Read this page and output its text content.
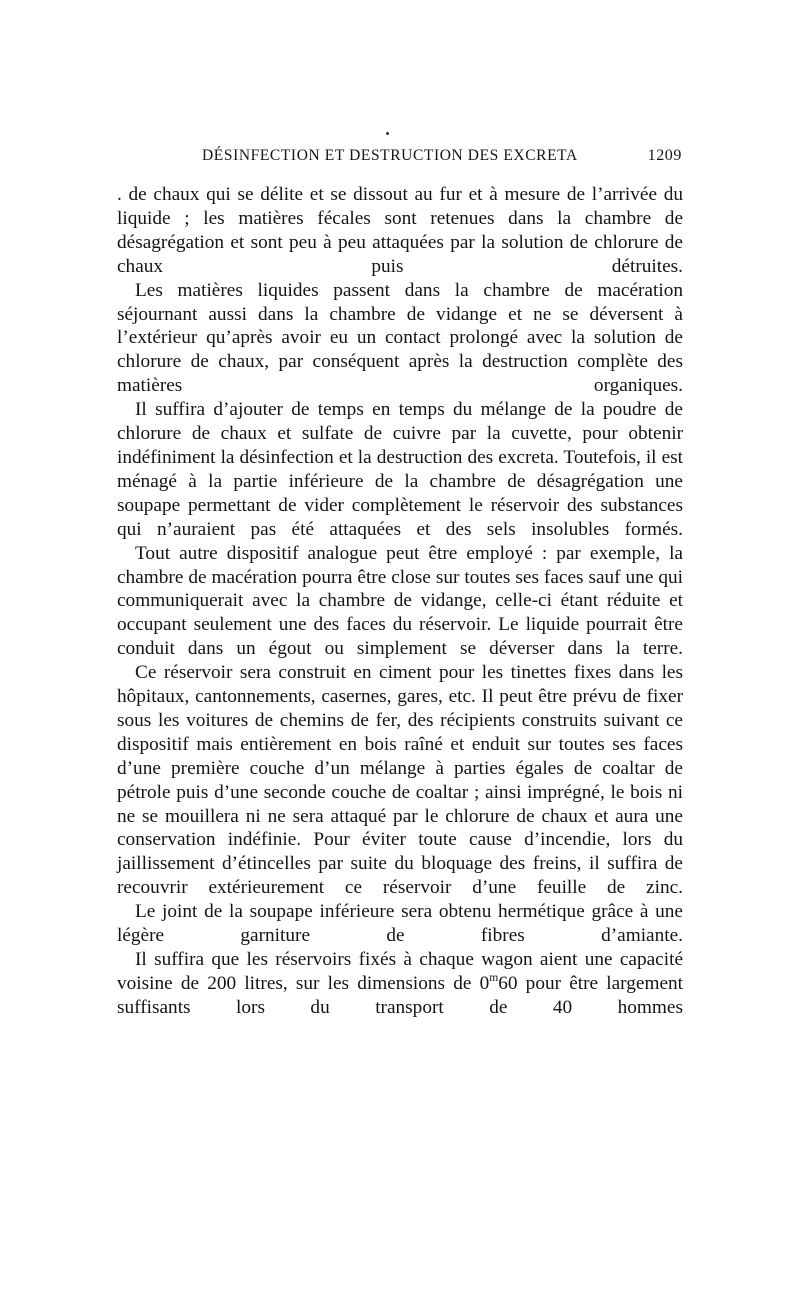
DÉSINFECTION ET DESTRUCTION DES EXCRETA	1209

. de chaux qui se délite et se dissout au fur et à mesure de l’arrivée du liquide ; les matières fécales sont retenues dans la chambre de désagrégation et sont peu à peu attaquées par la solution de chlorure de chaux puis détruites.

Les matières liquides passent dans la chambre de macération séjournant aussi dans la chambre de vidange et ne se déversent à l’extérieur qu’après avoir eu un contact prolongé avec la solution de chlorure de chaux, par conséquent après la destruction complète des matières organiques.

Il suffira d’ajouter de temps en temps du mélange de la poudre de chlorure de chaux et sulfate de cuivre par la cuvette, pour obtenir indéfiniment la désinfection et la destruction des excreta. Toutefois, il est ménagé à la partie inférieure de la chambre de désagrégation une soupape permettant de vider complètement le réservoir des substances qui n’auraient pas été attaquées et des sels insolubles formés.

Tout autre dispositif analogue peut être employé : par exemple, la chambre de macération pourra être close sur toutes ses faces sauf une qui communiquerait avec la chambre de vidange, celle-ci étant réduite et occupant seulement une des faces du réservoir. Le liquide pourrait être conduit dans un égout ou simplement se déverser dans la terre.

Ce réservoir sera construit en ciment pour les tinettes fixes dans les hôpitaux, cantonnements, casernes, gares, etc. Il peut être prévu de fixer sous les voitures de chemins de fer, des récipients construits suivant ce dispositif mais entièrement en bois raîné et enduit sur toutes ses faces d’une première couche d’un mélange à parties égales de coaltar de pétrole puis d’une seconde couche de coaltar ; ainsi imprégné, le bois ni ne se mouillera ni ne sera attaqué par le chlorure de chaux et aura une conservation indéfinie. Pour éviter toute cause d’incendie, lors du jaillissement d’étincelles par suite du bloquage des freins, il suffira de recouvrir extérieurement ce réservoir d’une feuille de zinc.

Le joint de la soupape inférieure sera obtenu hermétique grâce à une légère garniture de fibres d’amiante.

Il suffira que les réservoirs fixés à chaque wagon aient une capacité voisine de 200 litres, sur les dimensions de 0$^m$60 pour être largement suffisants lors du transport de 40 hommes
